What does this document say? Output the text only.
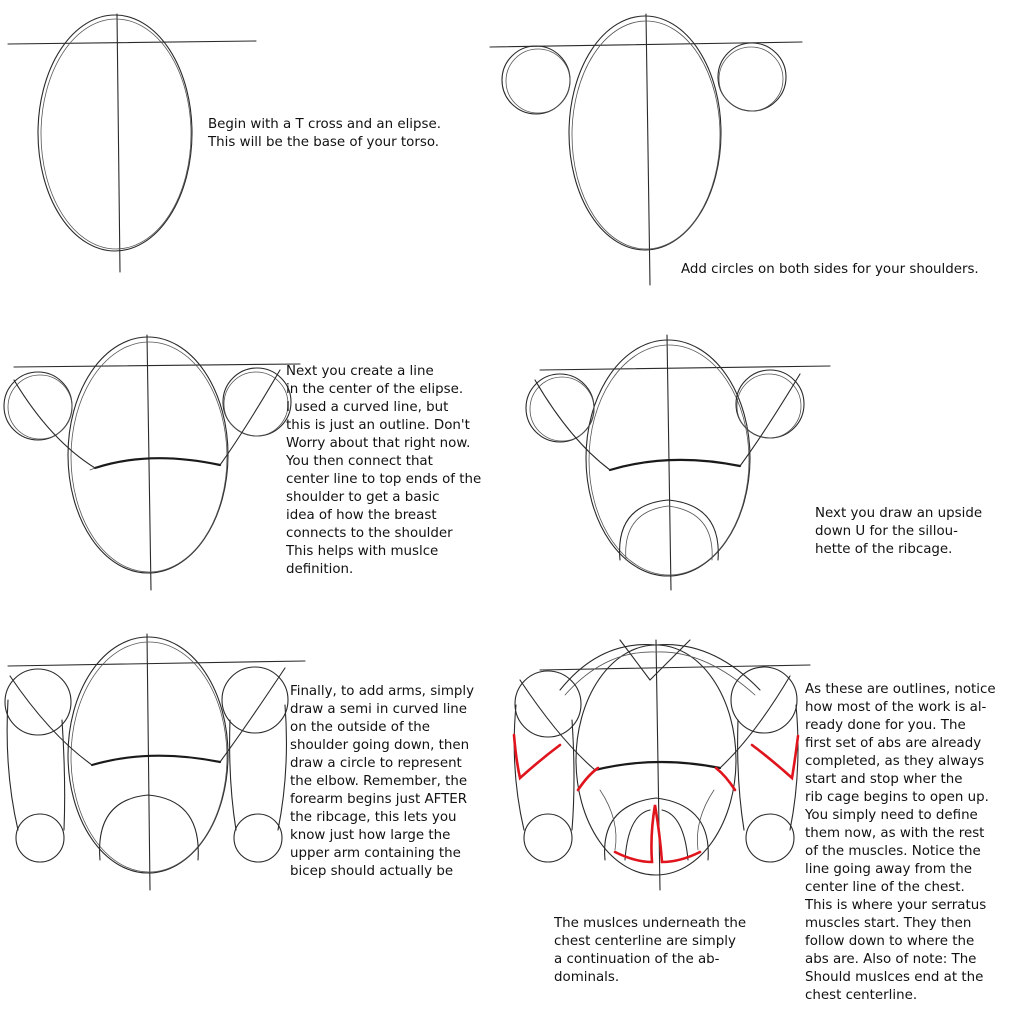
Begin with a T cross and an elipse.
This will be the base of your torso.

Add circles on both sides for your shoulders.

Next you create a line
in the center of the elipse.
I used a curved line, but
this is just an outline. Don't
Worry about that right now.
You then connect that
center line to top ends of the
shoulder to get a basic
idea of how the breast
connects to the shoulder
This helps with muslce
definition.

Next you draw an upside
down U for the sillou-
hette of the ribcage.

Finally, to add arms, simply
draw a semi in curved line
on the outside of the
shoulder going down, then
draw a circle to represent
the elbow. Remember, the
forearm begins just AFTER
the ribcage, this lets you
know just how large the
upper arm containing the
bicep should actually be

As these are outlines, notice
how most of the work is al-
ready done for you. The
first set of abs are already
completed, as they always
start and stop wher the
rib cage begins to open up.
You simply need to define
them now, as with the rest
of the muscles. Notice the
line going away from the
center line of the chest.
This is where your serratus
muscles start. They then
follow down to where the
abs are. Also of note: The
Should muslces end at the
chest centerline.

The muslces underneath the
chest centerline are simply
a continuation of the ab-
dominals.
